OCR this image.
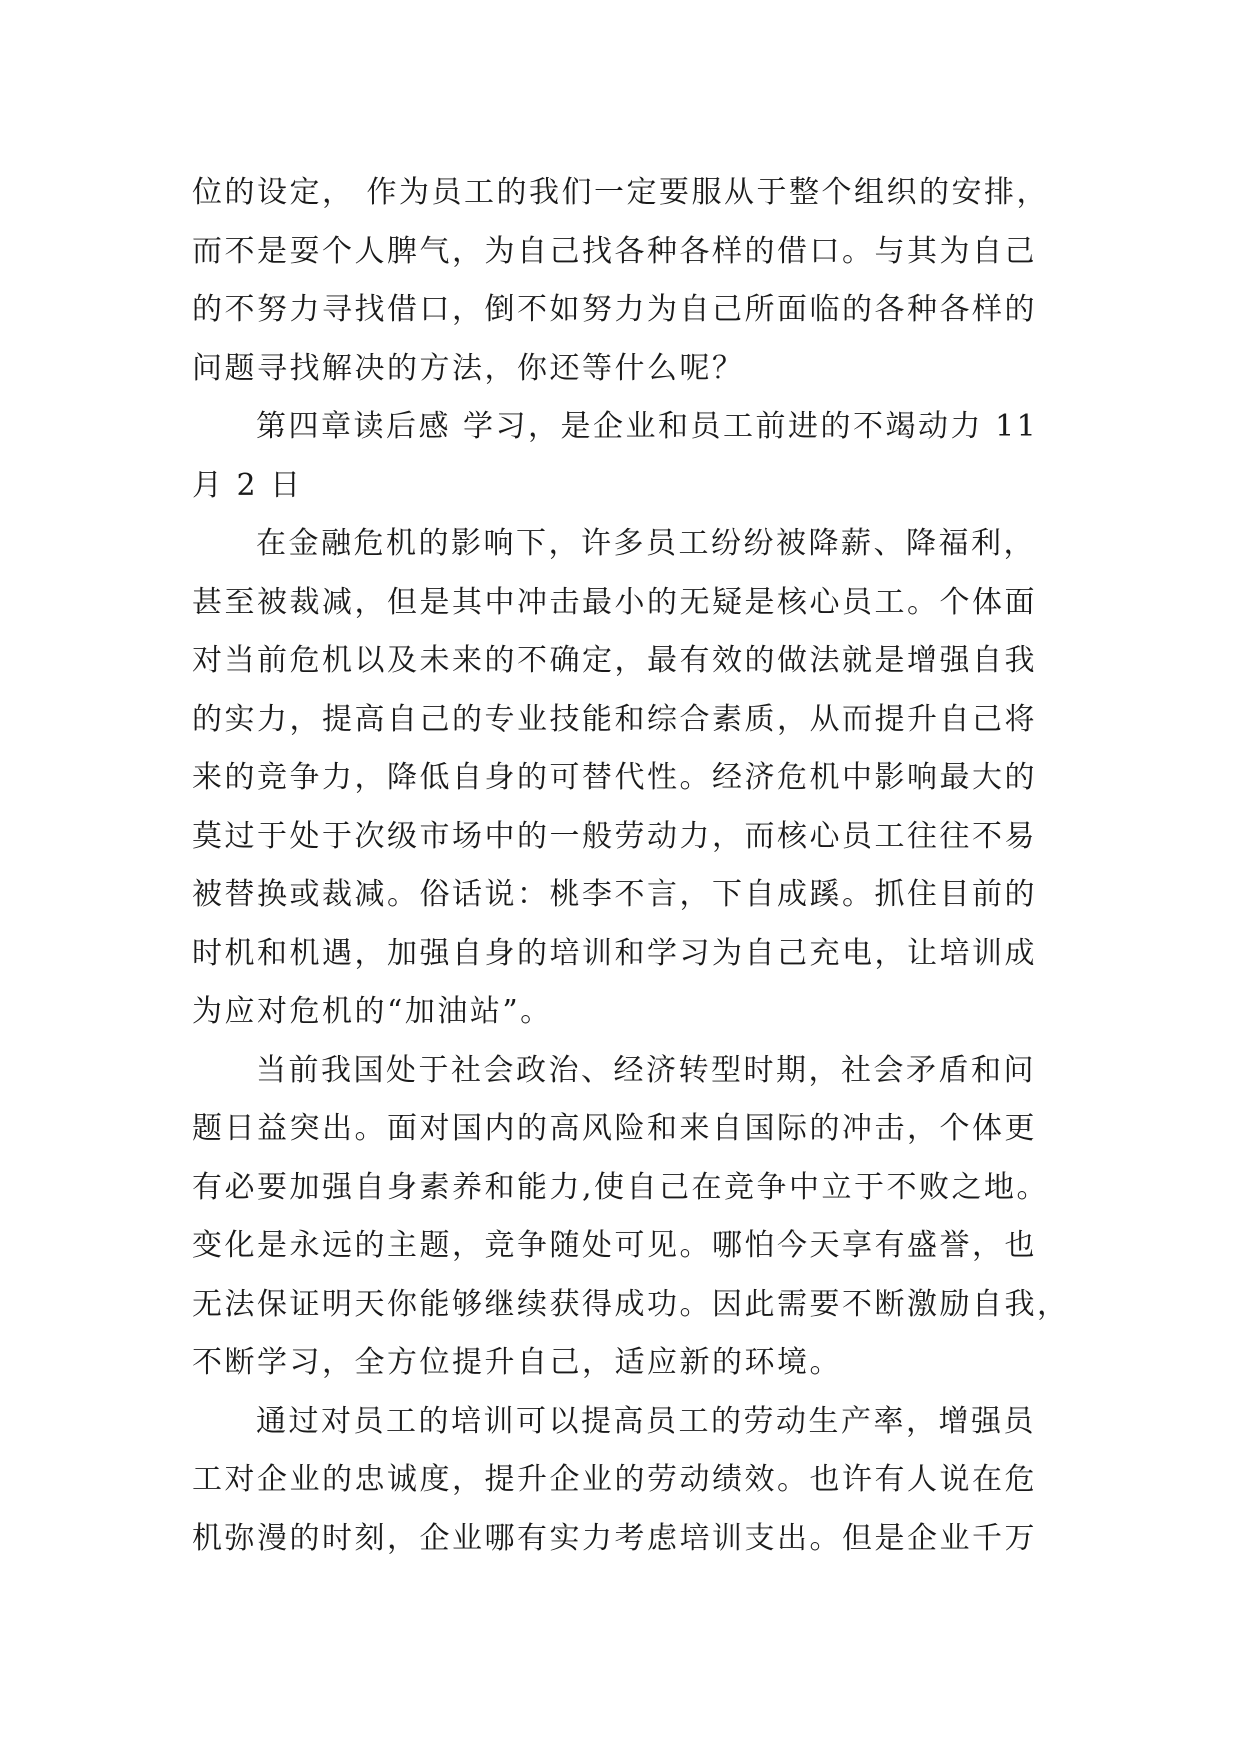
位的设定， 作为员工的我们一定要服从于整个组织的安排，
而不是耍个人脾气，为自己找各种各样的借口。与其为自己
的不努力寻找借口，倒不如努力为自己所面临的各种各样的
问题寻找解决的方法，你还等什么呢？
第四章读后感 学习，是企业和员工前进的不竭动力 11
月 2 日
在金融危机的影响下，许多员工纷纷被降薪、降福利，
甚至被裁减，但是其中冲击最小的无疑是核心员工。个体面
对当前危机以及未来的不确定，最有效的做法就是增强自我
的实力，提高自己的专业技能和综合素质，从而提升自己将
来的竞争力，降低自身的可替代性。经济危机中影响最大的
莫过于处于次级市场中的一般劳动力，而核心员工往往不易
被替换或裁减。俗话说：桃李不言，下自成蹊。抓住目前的
时机和机遇，加强自身的培训和学习为自己充电，让培训成
为应对危机的“加油站”。
当前我国处于社会政治、经济转型时期，社会矛盾和问
题日益突出。面对国内的高风险和来自国际的冲击，个体更
有必要加强自身素养和能力,使自己在竞争中立于不败之地。
变化是永远的主题，竞争随处可见。哪怕今天享有盛誉，也
无法保证明天你能够继续获得成功。因此需要不断激励自我，
不断学习，全方位提升自己，适应新的环境。
通过对员工的培训可以提高员工的劳动生产率，增强员
工对企业的忠诚度，提升企业的劳动绩效。也许有人说在危
机弥漫的时刻，企业哪有实力考虑培训支出。但是企业千万
